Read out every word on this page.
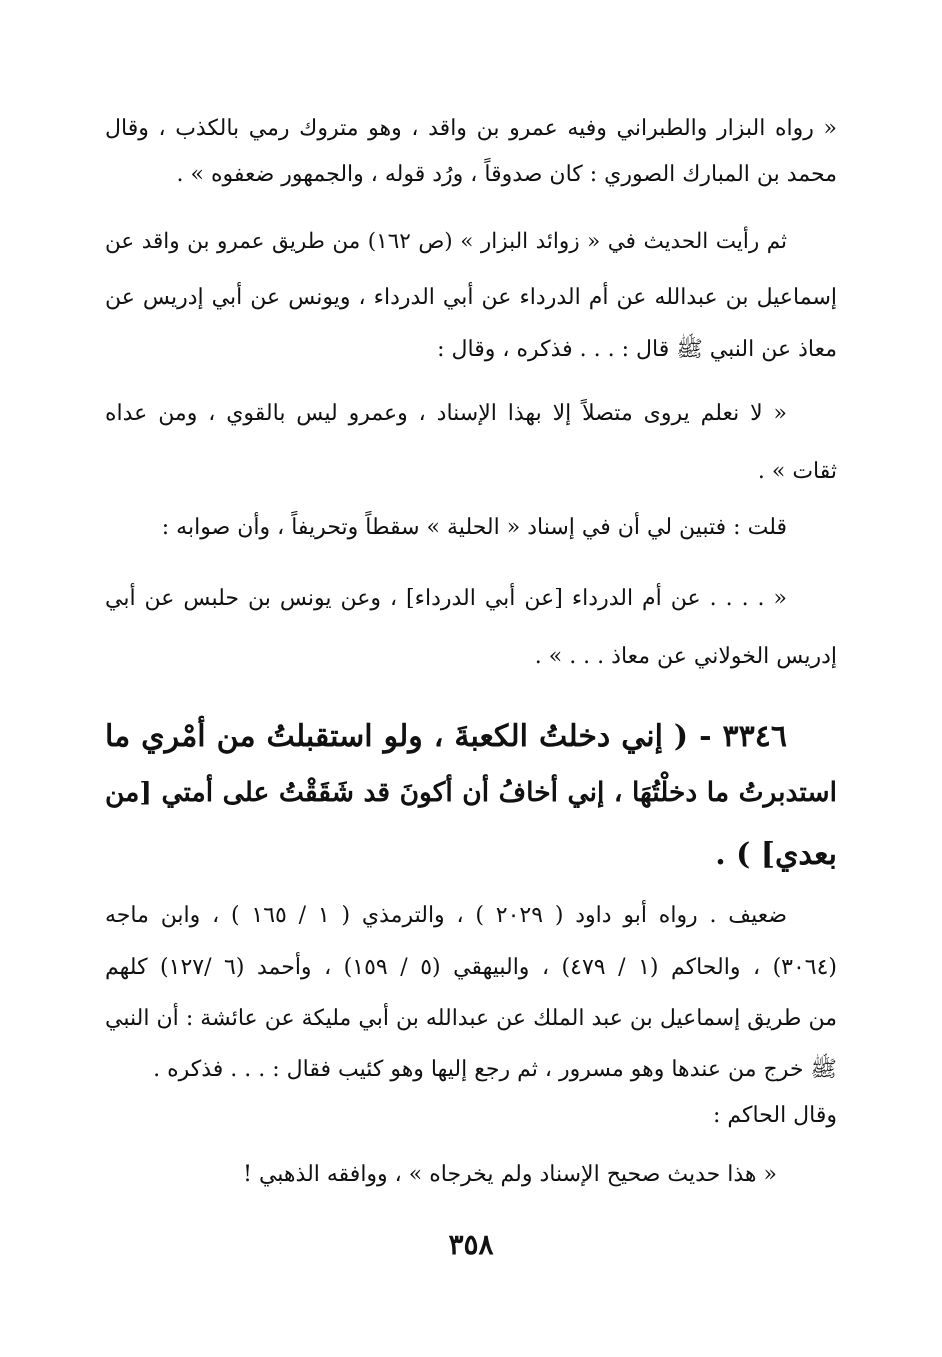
« رواه البزار والطبراني وفيه عمرو بن واقد ، وهو متروك رمي بالكذب ، وقال
محمد بن المبارك الصوري : كان صدوقاً ، ورُد قوله ، والجمهور ضعفوه » .
ثم رأيت الحديث في « زوائد البزار » (ص ١٦٢) من طريق عمرو بن واقد عن
إسماعيل بن عبدالله عن أم الدرداء عن أبي الدرداء ، ويونس عن أبي إدريس عن
معاذ عن النبي ﷺ قال : . . . فذكره ، وقال :
« لا نعلم يروى متصلاً إلا بهذا الإسناد ، وعمرو ليس بالقوي ، ومن عداه
ثقات » .
قلت : فتبين لي أن في إسناد « الحلية » سقطاً وتحريفاً ، وأن صوابه :
« . . . . عن أم الدرداء [عن أبي الدرداء] ، وعن يونس بن حلبس عن أبي
إدريس الخولاني عن معاذ . . . » .
٣٣٤٦ - ( إني دخلتُ الكعبةَ ، ولو استقبلتُ من أمْري ما
استدبرتُ ما دخلْتُهَا ، إني أخافُ أن أكونَ قد شَقَقْتُ على أمتي [من
بعدي] ) .
ضعيف . رواه أبو داود ( ٢٠٢٩ ) ، والترمذي ( ١ / ١٦٥ ) ، وابن ماجه
(٣٠٦٤) ، والحاكم (١ / ٤٧٩) ، والبيهقي (٥ / ١٥٩) ، وأحمد (٦ /١٢٧) كلهم
من طريق إسماعيل بن عبد الملك عن عبدالله بن أبي مليكة عن عائشة : أن النبي
ﷺ خرج من عندها وهو مسرور ، ثم رجع إليها وهو كئيب فقال : . . . فذكره .
وقال الحاكم :
« هذا حديث صحيح الإسناد ولم يخرجاه » ، ووافقه الذهبي !
٣٥٨
